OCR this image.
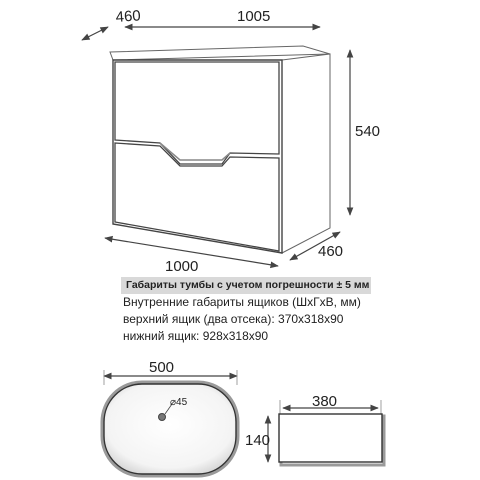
460	1005
540
1000
460
500
⌀45	380
140
Габариты тумбы с учетом погрешности ± 5 мм
Внутренние габариты ящиков (ШхГхВ, мм)
верхний ящик (два отсека): 370х318х90
нижний ящик: 928х318х90
